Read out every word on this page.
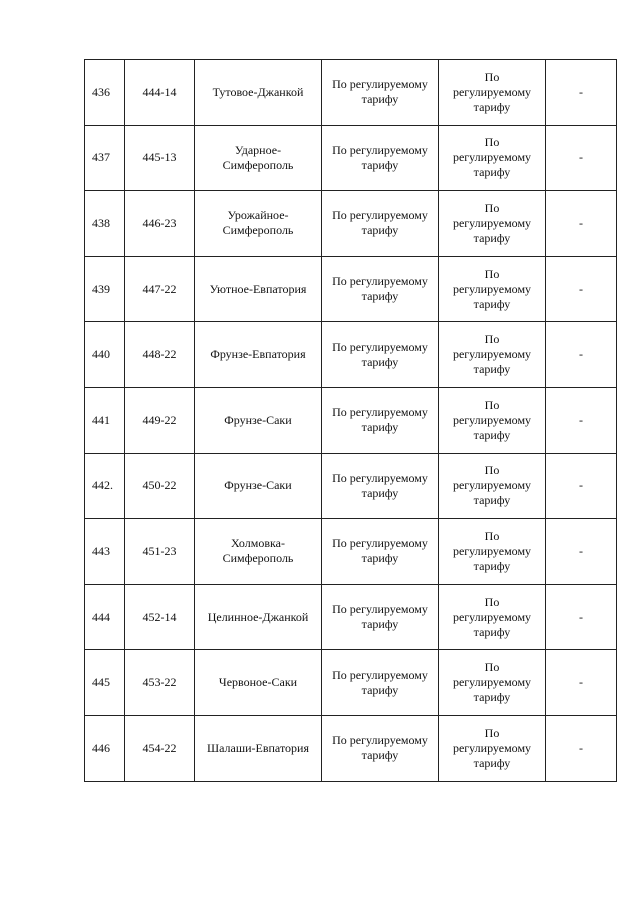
436	444-14	Тутовое-Джанкой	По регулируемому
тарифу	По
регулируемому
тарифу	-
437	445-13	Ударное-
Симферополь	По регулируемому
тарифу	По
регулируемому
тарифу	-
438	446-23	Урожайное-
Симферополь	По регулируемому
тарифу	По
регулируемому
тарифу	-
439	447-22	Уютное-Евпатория	По регулируемому
тарифу	По
регулируемому
тарифу	-
440	448-22	Фрунзе-Евпатория	По регулируемому
тарифу	По
регулируемому
тарифу	-
441	449-22	Фрунзе-Саки	По регулируемому
тарифу	По
регулируемому
тарифу	-
442.	450-22	Фрунзе-Саки	По регулируемому
тарифу	По
регулируемому
тарифу	-
443	451-23	Холмовка-
Симферополь	По регулируемому
тарифу	По
регулируемому
тарифу	-
444	452-14	Целинное-Джанкой	По регулируемому
тарифу	По
регулируемому
тарифу	-
445	453-22	Червоное-Саки	По регулируемому
тарифу	По
регулируемому
тарифу	-
446	454-22	Шалаши-Евпатория	По регулируемому
тарифу	По
регулируемому
тарифу	-
